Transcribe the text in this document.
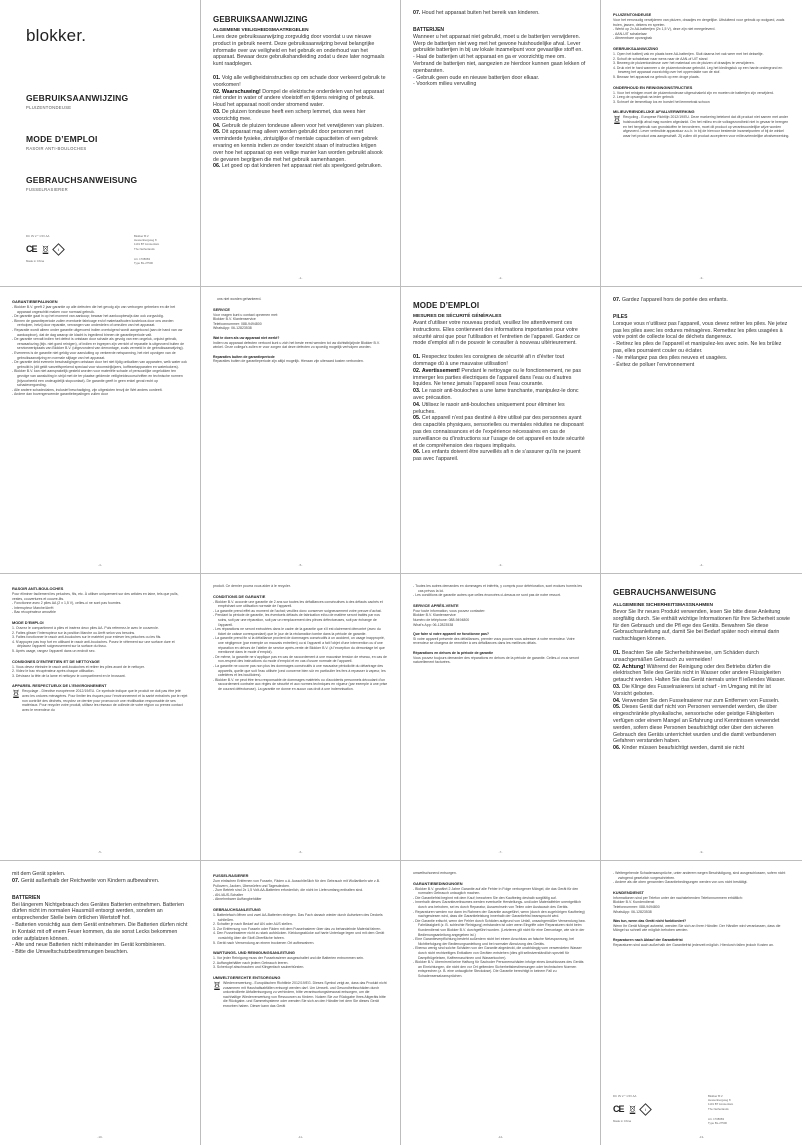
blokker.
GEBRUIKSAANWIJZING
PLUIZENTONDEUSE
MODE D’EMPLOI
RASOIR ANTI-BOULOCHES
GEBRAUCHSANWEISUNG
FUSSELRASIERER
DC 3V 2 * 1.5V AA
CE	i
Made in China
Blokker B.V.
Hessenbergweg 8
1101 BT Amsterdam
The Netherlands
Art. 1708683
Type BL-27500
GEBRUIKSAANWIJZING
ALGEMENE VEILIGHEIDSMAATREGELEN

Lees deze gebruiksaanwijzing zorgvuldig door voordat u uw nieuwe product in gebruik neemt. Deze gebruiksaanwijzing bevat belangrijke informatie over uw veiligheid en het gebruik en onderhoud van het apparaat. Bewaar deze gebruikshandleiding zodat u deze later nogmaals kunt raadplegen.

01. Volg alle veiligheidsinstructies op om schade door verkeerd gebruik te voorkomen!

02. Waarschuwing! Dompel de elektrische onderdelen van het apparaat niet onder in water of andere vloeistoff en tijdens reiniging of gebruik. Houd het apparaat nooit onder stromend water.

03. De pluizen tondeuse heeft een scherp lemmet, dus wees hier voorzichtig mee.

04. Gebruik de pluizen tondeuse alleen voor het verwijderen van pluizen.

05. Dit apparaat mag alleen worden gebruikt door personen met verminderde fysieke, zintuiglijke of mentale capaciteiten of een gebrek ervaring en kennis indien ze onder toezicht staan of instructies krijgen over hoe het apparaat op een veilige manier kan worden gebruikt alsook de gevaren begrijpen die met het gebruik samenhangen.

06. Let goed op dat kinderen het apparaat niet als speelgoed gebruiken.

-1-

07. Houd het apparaat buiten het bereik van kinderen.

BATTERIJEN

Wanneer u het apparaat niet gebruikt, moet u de batterijen verwijderen. Werp de batterijen niet weg met het gewone huishoudelijke afval. Lever gebruikte batterijen in bij uw lokale inzamelpunt voor gevaarlijke stoff en.

- Haal de batterijen uit het apparaat en ga er voorzichtig mee om. Verbrand de batterijen niet, aangezien ze hierdoor kunnen gaan lekken of openbarsten.

- Gebruik geen oude en nieuwe batterijen door elkaar.

- Voorkom milieu vervuiling

-2-
PLUIZENTONDEUSE

Voor het eenvoudig verwijderen van pluizen, draadjes en dergelijke. Uitsluitend voor gebruik op wolgoed, zoals truien, jassen, dekens en spreien.

- Werkt op 2x AA-batterijen (2x 1,5 V), deze zijn niet meegeleverd.

- AAN-UIT schakelaar

- Afneembare opvangbak

GEBRUIKSAANWIJZING

1. Open het batterij vak en plaats twee AA-batterijen. Sluit daarna het vak weer met het dekseltje.

2. Schuif de schakelaar naar wens naar de AAN-of UIT stand

3. Beweeg de pluizentondeuse over het materiaal om de pluizen of draadjes te verwijderen.

4. Druk niet te hard wanneer u de pluizentondeuse gebruikt. Leg het kledingstuk op een harde ondergrond en beweeg het apparaat voorzichtig over het oppervlakte van de stof.

5. Bewaar het apparaat na gebruik op een droge plaats.

ONDERHOUD EN REINIGINGINSTRUCTIES

1. Voor het reinigen moet de pluizentondeuse uitgeschakeld zijn en moeten de batterijen zijn verwijderd.

2. Leeg de opvangbak na ieder gebruik

3. Schroef de lemmetkap los en borstel het lemmetvak schoon

MILIEUVRIENDELIJKE AFVALVERWERKING

Recycling - Europese Richtlijn 2012/19/EU. Deze markering betekent dat dit product niet samen met ander huishoudelijk afval mag worden afgedankt. Om het milieu en de volksgezondheid niet in gevaar te brengen en het hergebruik van grondstoffen te bevorderen, moet dit product op verantwoordelijke wijze worden afgevoerd. Lever verbruikte apparatuur a.u.b. in bij de hiervoor bestemde inzamelpunten of bij de winkel waar het product was aangeschaft. Zij zullen dit product accepteren voor milieuvriendelijke afvalverwerking.

-3-
GARANTIEBEPALINGEN

- Blokker B.V. geeft 2 jaar garantie op alle defecten die het gevolg zijn van verborgen gebreken en die het apparaat ongeschikt maken voor normaal gebruik.

- De garantie gaat in op het moment van aankoop; bewaar het aankoopbewijs dan ook zorgvuldig.

- Binnen de garantieperiode zullen eventuele fabricage en/of materiaalfouten kosteloos door ons worden verholpen, hetzij door reparatie, vervangen van onderdelen of omruilen van het apparaat.

- Reparatie wordt alleen onder garantie uitgevoerd indien overtuigend wordt aangetoond (aan de hand van uw aankoopbon), dat de dag waarop de klacht is ingediend binnen de garantieperiode valt.

- De garantie vervalt indien het defect is ontstaan door schade als gevolg van een ongeluk, onjuist gebruik, verwaarlozing (bijv. niet goed reinigen), of indien er ingrepen zijn verricht of reparatie is uitgevoerd buiten de servicewerkplaats van Blokker B.V. (uitgezonderd van demontage, zoals vermeld in de gebruiksaanwijzing).

- Eveneens is de garantie niet geldig voor aansluiting op verkeerde netspanning, het niet opvolgen van de gebruiksaanwijzing en normale slijtage van het apparaat.

- De garantie dekt evenmin beschadigingen ontstaan door het niet tijdig ontkalken van apparaten, welk water ook gebruikt is (dit geldt vanzelfsprekend speciaal voor stoomstrijkijzers, koffiezetapparaten en waterkokers).

- Blokker B.V. kan niet aansprakelijk gesteld worden voor materiële schade of persoonlijke ongelukken ten gevolge van aansluiting in strijd met de ter plaatse geldende veiligheidsvoorschriften en technische normen (bijvoorbeeld een ondeugdelijk stopcontact). De garantie geeft in geen enkel geval recht op schadevergoeding.

- Alle andere schadeclaims, inclusief beschadiging, zijn uitgesloten tenzij de Wet anders oordeelt.

- Andere dan bovengenoemde garantiebepalingen zullen door

-4-

ons niet worden gehanteerd.

SERVICE

Voor vragen kunt u contact opnemen met:

Blokker B.V. Klantenservice

Telefoonnummer: 088-9494800

WhatsApp: 06-12823538

Wat te doen als uw apparaat niet werkt?

Indien uw apparaat defecten vertoont kunt u zich het beste eerst wenden tot uw dichtstbijzijnde Blokker B.V. winkel. Onze collega's zullen er voor zorgen dat deze defecten zo spoedig mogelijk verholpen worden.

Reparaties buiten de garantieperiode

Reparaties buiten de garantieperiode zijn altijd mogelijk. Hieraan zijn uiteraard kosten verbonden.

-5-
MODE D’EMPLOI
MESURES DE SÉCURITÉ GÉNÉRALES

Avant d’utiliser votre nouveau produit, veuillez lire attentivement ces instructions. Elles contiennent des informations importantes pour votre sécurité ainsi que pour l’utilisation et l’entretien de l’appareil. Gardez ce mode d’emploi afi n de pouvoir le consulter à nouveau ultérieurement.

01. Respectez toutes les consignes de sécurité afi n d’éviter tout dommage dû à une mauvaise utilisation!

02. Avertissement! Pendant le nettoyage ou le fonctionnement, ne pas immerger les parties électriques de l’appareil dans l’eau ou d’autres liquides. Ne tenez jamais l’appareil sous l’eau courante.

03. Le rasoir anti-bouloches a une lame tranchante, manipulez-le donc avec précaution.

04. Utilisez le rasoir anti-bouloches uniquement pour éliminer les peluches.

05. Cet appareil n’est pas destiné à être utilisé par des personnes ayant des capacités physiques, sensorielles ou mentales réduites ne disposant pas des connaissances et de l’expérience nécessaires en cas de surveillance ou d’instructions sur l’usage de cet appareil en toute sécurité et de compréhension des risques impliqués.

06. Les enfants doivent être surveillés afi n de s’assurer qu’ils ne jouent pas avec l’appareil.

-3-

07. Gardez l’appareil hors de portée des enfants.

PILES

Lorsque vous n’utilisez pas l’appareil, vous devez retirer les piles. Ne jetez pas les piles avec les ordures ménagères. Remettez les piles usagées à votre point de collecte local de déchets dangereux.

- Retirez les piles de l’appareil et manipulez-les avec soin. Ne les brûlez pas, elles pourraient couler ou éclater.

- Ne mélangez pas des piles neuves et usagées.

- Évitez de polluer l’environnement

-4-
RASOIR ANTI-BOULOCHES

Pour éliminer facilement les peluches, fils, etc. À utiliser uniquement sur des articles en laine, tels que pulls, vestes, couvertures et couvre-lits.

- Fonctionne avec 2 piles AA (2 x 1,5 V), celles-ci ne sont pas fournies.

- Interrupteur Marche/Arrêt

- Bac récupérateur amovible

MODE D’EMPLOI

1. Ouvrez le compartiment à piles et insérez deux piles AA. Puis refermez-le avec le couvercle.

2. Faites glisser l’interrupteur sur la position Marche ou Arrêt selon vos besoins.

3. Faites fonctionner le rasoir anti-bouloches sur le matériel pour enlever les peluches ou les fils.

4. N’appuyez pas trop fort en utilisant le rasoir anti-bouloches. Posez le vêtement sur une surface dure et déplacez l’appareil soigneusement sur la surface du tissu.

5. Après usage, rangez l’appareil dans un endroit sec.

CONSIGNES D’ENTRETIEN ET DE NETTOYAGE

1. Vous devez éteindre le rasoir anti-bouloches et retirer les piles avant de le nettoyer.

2. Videz le bac récupérateur après chaque utilisation.

3. Dévissez la tête de la lame et nettoyez le compartiment en le brossant.

APPAREIL RESPECTUEUX DE L’ENVIRONNEMENT

Recyclage - Directive européenne 2012/19/EU. Ce symbole indique que le produit ne doit pas être jeté avec les ordures ménagères. Pour limiter les risques pour l’environnement et la santé entraînés par le rejet non contrôlé des déchets, recyclez ce dernier pour promouvoir une réutilisation responsable de ses matériaux. Pour recycler votre produit, utilisez les réseaux de collecte de votre région ou prenez contact avec le revendeur du

-5-

produit. Ce dernier pourra vous aider à le recycler.

CONDITIONS DE GARANTIE

- Blokker B.V. accorde une garantie de 2 ans sur toutes les défaillances consécutives à des défauts cachés et empêchant une utilisation normale de l’appareil.

- La garantie prend effet au moment de l’achat; veuillez donc conserver soigneusement votre preuve d’achat.

- Pendant la période de garantie, les éventuels défauts de fabrication et/ou de matière seront traités par nos soins, soit par une réparation, soit par un remplacement des pièces défectueuses, soit par échange de l’appareil.

- Les réparations ne seront exécutées dans le cadre de la garantie que s’il est clairement démontré (avec du ticket de caisse correspondant) que le jour de la réclamation tombe dans la période de garantie.

- La garantie prend fin si la défaillance provient de dommages consécutifs à un accident, un usage inapproprié, une négligence (par exemple un mauvais entretien) ou si l’appareil a fait l’objet d’une intervention ou d’une réparation en dehors de l’atelier de service après-vente de Blokker B.V. (à l’exception du démontage tel que mentionné dans le mode d’emploi).

- De même, la garantie ne s’applique pas en cas de raccordement à une mauvaise tension de réseau, en cas de non-respect des instructions du mode d’emploi et en cas d’usure normale de l’appareil.

- La garantie ne couvre pas non plus les dommages consécutifs à une mauvaise périodicité du détartrage des appareils, quelle que soit l’eau utilisée (ceci concerne bien sûr en particulier les fers à repasser à vapeur, les cafetières et les bouilloires).

- Blokker B.V. ne peut être tenu responsable de dommages matériels ou d’accidents personnels découlant d’un raccordement contraire aux règles de sécurité et aux normes techniques en vigueur (par exemple à une prise de courant défectueuse). La garantie ne donne en aucun cas droit à une indemnisation.

-6-

- Toutes les autres demandes en dommages et intérêts, y compris pour détérioration, sont exclues hormis les cas prévus la loi.

- Les conditions de garantie autres que celles énoncées ci-dessus ne sont pas de notre ressort.

SERVICE APRÈS-VENTE

Pour toute information, vous pouvez contacter:

Blokker B.V. Klantenservice

Numéro de téléphone: 088-9494800

What’s App: 06-12823538

Que faire si votre appareil ne fonctionne pas?

Si votre appareil présente des défaillances, premier vous pouvez vous adresser à votre revendeur. Votre revendeur se chargera de remédier à ces défaillances dans les meilleurs délais.

Réparations en dehors de la période de garantie

Vous pouvez toujours demander des réparations en dehors de la période de garantie. Celles-ci vous seront naturellement facturées.

-7-
GEBRAUCHSANWEISUNG
ALLGEMEINE SICHERHEITSMASSNAHMEN

Bevor Sie Ihr neues Produkt verwenden, lesen Sie bitte diese Anleitung sorgfältig durch. Sie enthält wichtige Informationen für Ihre Sicherheit sowie für den Gebrauch und die Pfl ege des Geräts. Bewahren Sie diese Gebrauchsanleitung auf, damit Sie bei Bedarf später noch einmal darin nachschlagen können.

01. Beachten Sie alle Sicherheitshinweise, um Schäden durch unsachgemäßen Gebrauch zu vermeiden!

02. Achtung! Während der Reinigung oder des Betriebs dürfen die elektrischen Teile des Geräts nicht in Wasser oder andere Flüssigkeiten getaucht werden. Halten Sie das Gerät niemals unter fl ießendes Wasser.

03. Die Klinge des Fusselrasierers ist scharf - im Umgang mit ihr ist Vorsicht geboten.

04. Verwenden Sie den Fusselrasierer nur zum Entfernen von Fusseln.

05. Dieses Gerät darf nicht von Personen verwendet werden, die über eingeschränkte physikalische, sensorische oder geistige Fähigkeiten verfügen oder einem Mangel an Erfahrung und Kenntnissen verwendet werden, sofern diese Personen beaufsichtigt oder über den sicheren Gebrauch des Geräts unterrichtet wurden und die damit verbundenen Gefahren verstanden haben.

06. Kinder müssen beaufsichtigt werden, damit sie nicht

-9-

mit dem Gerät spielen.

07. Gerät außerhalb der Reichweite von Kindern aufbewahren.

BATTERIEN

Bei längerem Nichtgebrauch des Gerätes Batterien entnehmen. Batterien dürfen nicht im normalen Hausmüll entsorgt werden, sondern an entsprechender Stelle beim örtlichen Wertstoff hof.

- Batterien vorsichtig aus dem Gerät entnehmen. Die Batterien dürfen nicht in Kontakt mit off enem Feuer kommen, da sie sonst Lecks bekommen oder aufplatzen können.

- Alte und neue Batterien nicht miteinander im Gerät kombinieren.

- Bitte die Umweltschutzbestimmungen beachten.

-10-
FUSSELRASIERER

Zum einfachen Entfernen von Fusseln, Fäden u.ä. Ausschließlich für den Gebrauch mit Wollartikeln wie z.B. Pullovern, Jacken, Überwürfen und Tagesdecken.

- Zum Betrieb sind 2x 1,5 Volt-AA-Batterien erforderlich, die nicht im Lieferumfang enthalten sind.

- AN-/AUS-Schalter

- Abnehmbarer Auffangbehälter

GEBRAUCHSANLEITUNG

1. Batteriefach öffnen und zwei AA-Batterien einlegen. Das Fach danach wieder durch Aufsetzen des Deckels schließen.

2. Schalter je nach Bedarf auf AN oder AUS stellen.

3. Zur Entfernung von Fusseln oder Fäden mit dem Fusselrasierer über das zu behandelnde Material fahren.

4. Den Fusselrasierer nicht zu stark aufdrücken. Kleidungsstücke auf harte Unterlage legen und mit dem Gerät vorsichtig über die Stoff-Oberfläche fahren.

5. Gerät nach Verwendung an einem trockenen Ort aufbewahren.

WARTUNGS- UND REINIGUNGSANLEITUNG

1. Vor jeder Reinigung muss der Fusselrasierer ausgeschaltet und die Batterien entnommen sein.

2. Auffangbehälter nach jedem Gebrauch leeren.

3. Scherkopf abschrauben und Klingenfach sauberbürsten.

UMWELTGERECHTE ENTSORGUNG

Wiederverwertung - Europäischen Richtlinie 2012/19/EG. Dieses Symbol zeigt an, dass das Produkt nicht zusammen mit Haushaltsabfällen entsorgt werden darf. Um Umwelt- und Gesundheitsschäden durch unkontrollierte Abfallentsorgung zu verhindern, bitte verantwortungsbewusst entsorgen, um die nachhaltige Wiederverwertung von Ressourcen zu fördern. Nutzen Sie zur Rückgabe Ihres Altgeräts bitte die Rückgabe- und Sammelsysteme oder wenden Sie sich an den Händler bei dem Sie dieses Gerät erworben haben. Dieser kann das Gerät

-11-

umweltschonend entsorgen.

GARANTIEBEDINGUNGEN

- Blokker B.V. gewährt 2 Jahre Garantie auf alle Fehler in Folge verborgener Mängel, die das Gerät für den normalen Gebrauch untauglich machen.

- Die Garantiefrist beginnt mit dem Kauf; bewahren Sie den Kaufbeleg deshalb sorgfältig auf.

- Innerhalb dieses Garantiezeitraumes werden eventuelle Herstellungs- und/oder Materialfehler unentgeltlich durch uns behoben, sei es durch Reparatur, Auswechseln von Teilen oder Austausch des Geräts.

- Reparaturen werden nur dann im Rahmen der Garantie ausgeführt, wenn (durch den zugehörigen Kaufbeleg) nachgewiesen wird, dass die Garantieleistung innerhalb der Garantiefrist beansprucht wird.

- Die Garantie erlischt, wenn der Fehler durch Schäden aufgrund von Unfall, unsachgemäßer Verwendung bzw. Fahrlässigkeit (z. B. schlechte Reinigung) entstanden ist oder wenn Eingriffe oder Reparaturen nicht beim Kundendienst von Blokker B.V. durchgeführt wurden. (Letzteres gilt nicht für eine Demontage, wie sie in der Bedienungsanleitung angegeben ist.)

- Eine Garantieverpflichtung besteht außerdem nicht bei einem Anschluss an falsche Netzspannung, bei Nichtbefolgung der Bedienungsanleitung und bei normaler Abnutzung des Geräts.

- Ebenso wenig sind solche Schäden von der Garantie abgedeckt, die unabhängig vom verwendeten Wasser durch nicht rechtzeitiges Entkalken von Geräten entstehen (dies gilt selbstverständlich speziell für Dampfbügeleisen, Kaffeemaschinen und Wasserkocher).

- Blokker B.V. übernimmt keine Haftung für Sachoder Personenschäden infolge eines Anschlusses des Geräts an Einrichtungen, die nicht den vor Ort geltenden Sicherheitsbestimmungen oder technischen Normen entsprechen (z. B. eine untaugliche Steckdose). Die Garantie berechtigt in keinem Fall zu Schadensersatzansprüchen.

-12-

- Weitergehende Schadensansprüche, unter anderem wegen Beschädigung, sind ausgeschlossen, sofern nicht zwingend gesetzlich vorgeschrieben.

- Andere als die oben genannten Garantiebedingungen werden von uns nicht bestätigt.

KUNDENDIENST

Informationen sind per Telefon unter der nachstehenden Telefonnummern erhältlich:

Blokker B.V. Kundendienst

Telefonnummer: 088-9494800

WhatsApp: 06-12823538

Was tun, wenn das Gerät nicht funktioniert?

Wenn Ihr Gerät Mängel aufweist, wenden Sie sich an Ihren Händler. Der Händler wird veranlassen, dass die Mängel so schnell wie möglich behoben werden.

Reparaturen nach Ablauf der Garantiefrist

Reparaturen sind auch außerhalb der Garantiefrist jederzeit möglich. Hierdurch fallen jedoch Kosten an.

DC 3V 2 * 1.5V AA
CE	i
Made in China
Blokker B.V.
Hessenbergweg 8
1101 BT Amsterdam
The Netherlands
Art. 1708683
Type BL-27500
-13-
